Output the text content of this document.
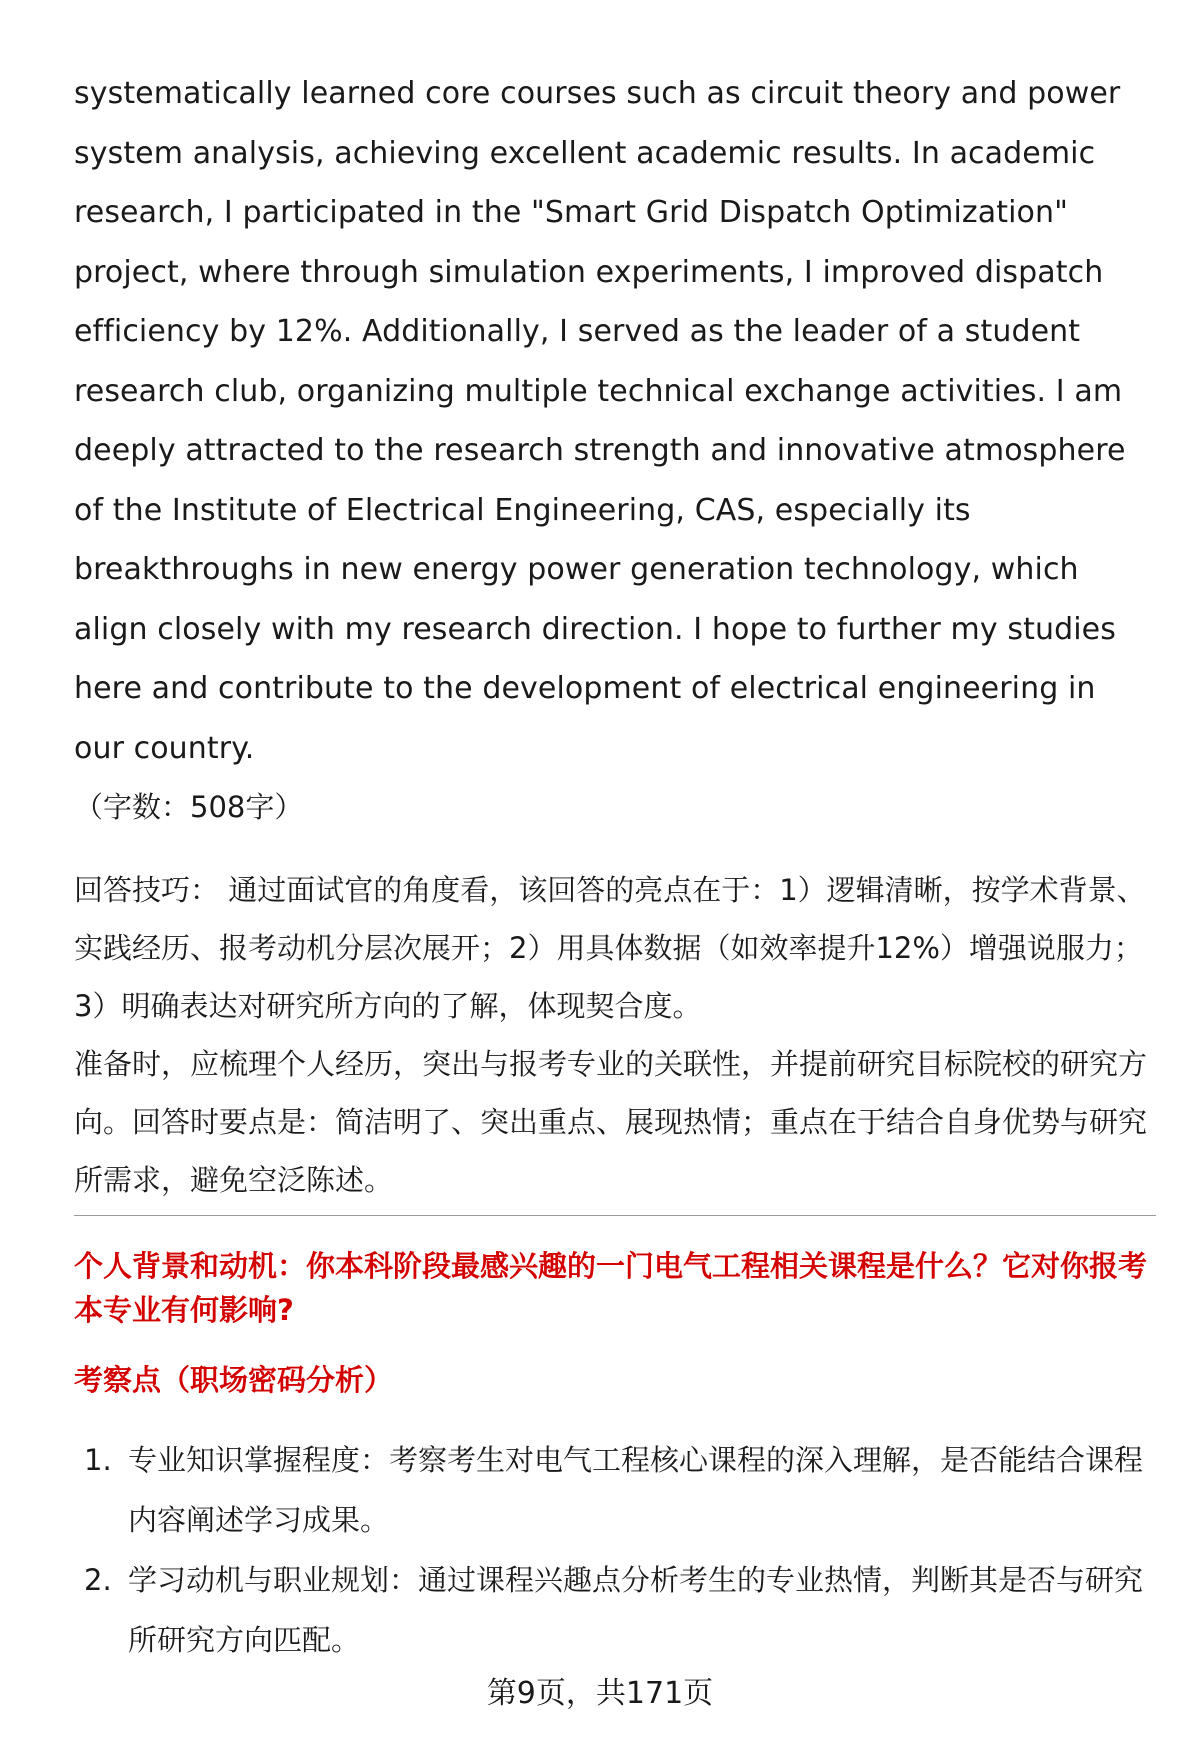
systematically learned core courses such as circuit theory and power system analysis, achieving excellent academic results. In academic research, I participated in the "Smart Grid Dispatch Optimization" project, where through simulation experiments, I improved dispatch efficiency by 12%. Additionally, I served as the leader of a student research club, organizing multiple technical exchange activities. I am deeply attracted to the research strength and innovative atmosphere of the Institute of Electrical Engineering, CAS, especially its breakthroughs in new energy power generation technology, which align closely with my research direction. I hope to further my studies here and contribute to the development of electrical engineering in our country.

（字数：508字）

回答技巧： 通过面试官的角度看，该回答的亮点在于：1）逻辑清晰，按学术背景、实践经历、报考动机分层次展开；2）用具体数据（如效率提升12%）增强说服力；3）明确表达对研究所方向的了解，体现契合度。

准备时，应梳理个人经历，突出与报考专业的关联性，并提前研究目标院校的研究方向。回答时要点是：简洁明了、突出重点、展现热情；重点在于结合自身优势与研究所需求，避免空泛陈述。

个人背景和动机：你本科阶段最感兴趣的一门电气工程相关课程是什么？它对你报考本专业有何影响?

考察点（职场密码分析）

1. 专业知识掌握程度：考察考生对电气工程核心课程的深入理解，是否能结合课程内容阐述学习成果。
2. 学习动机与职业规划：通过课程兴趣点分析考生的专业热情，判断其是否与研究所研究方向匹配。
第9页，共171页
